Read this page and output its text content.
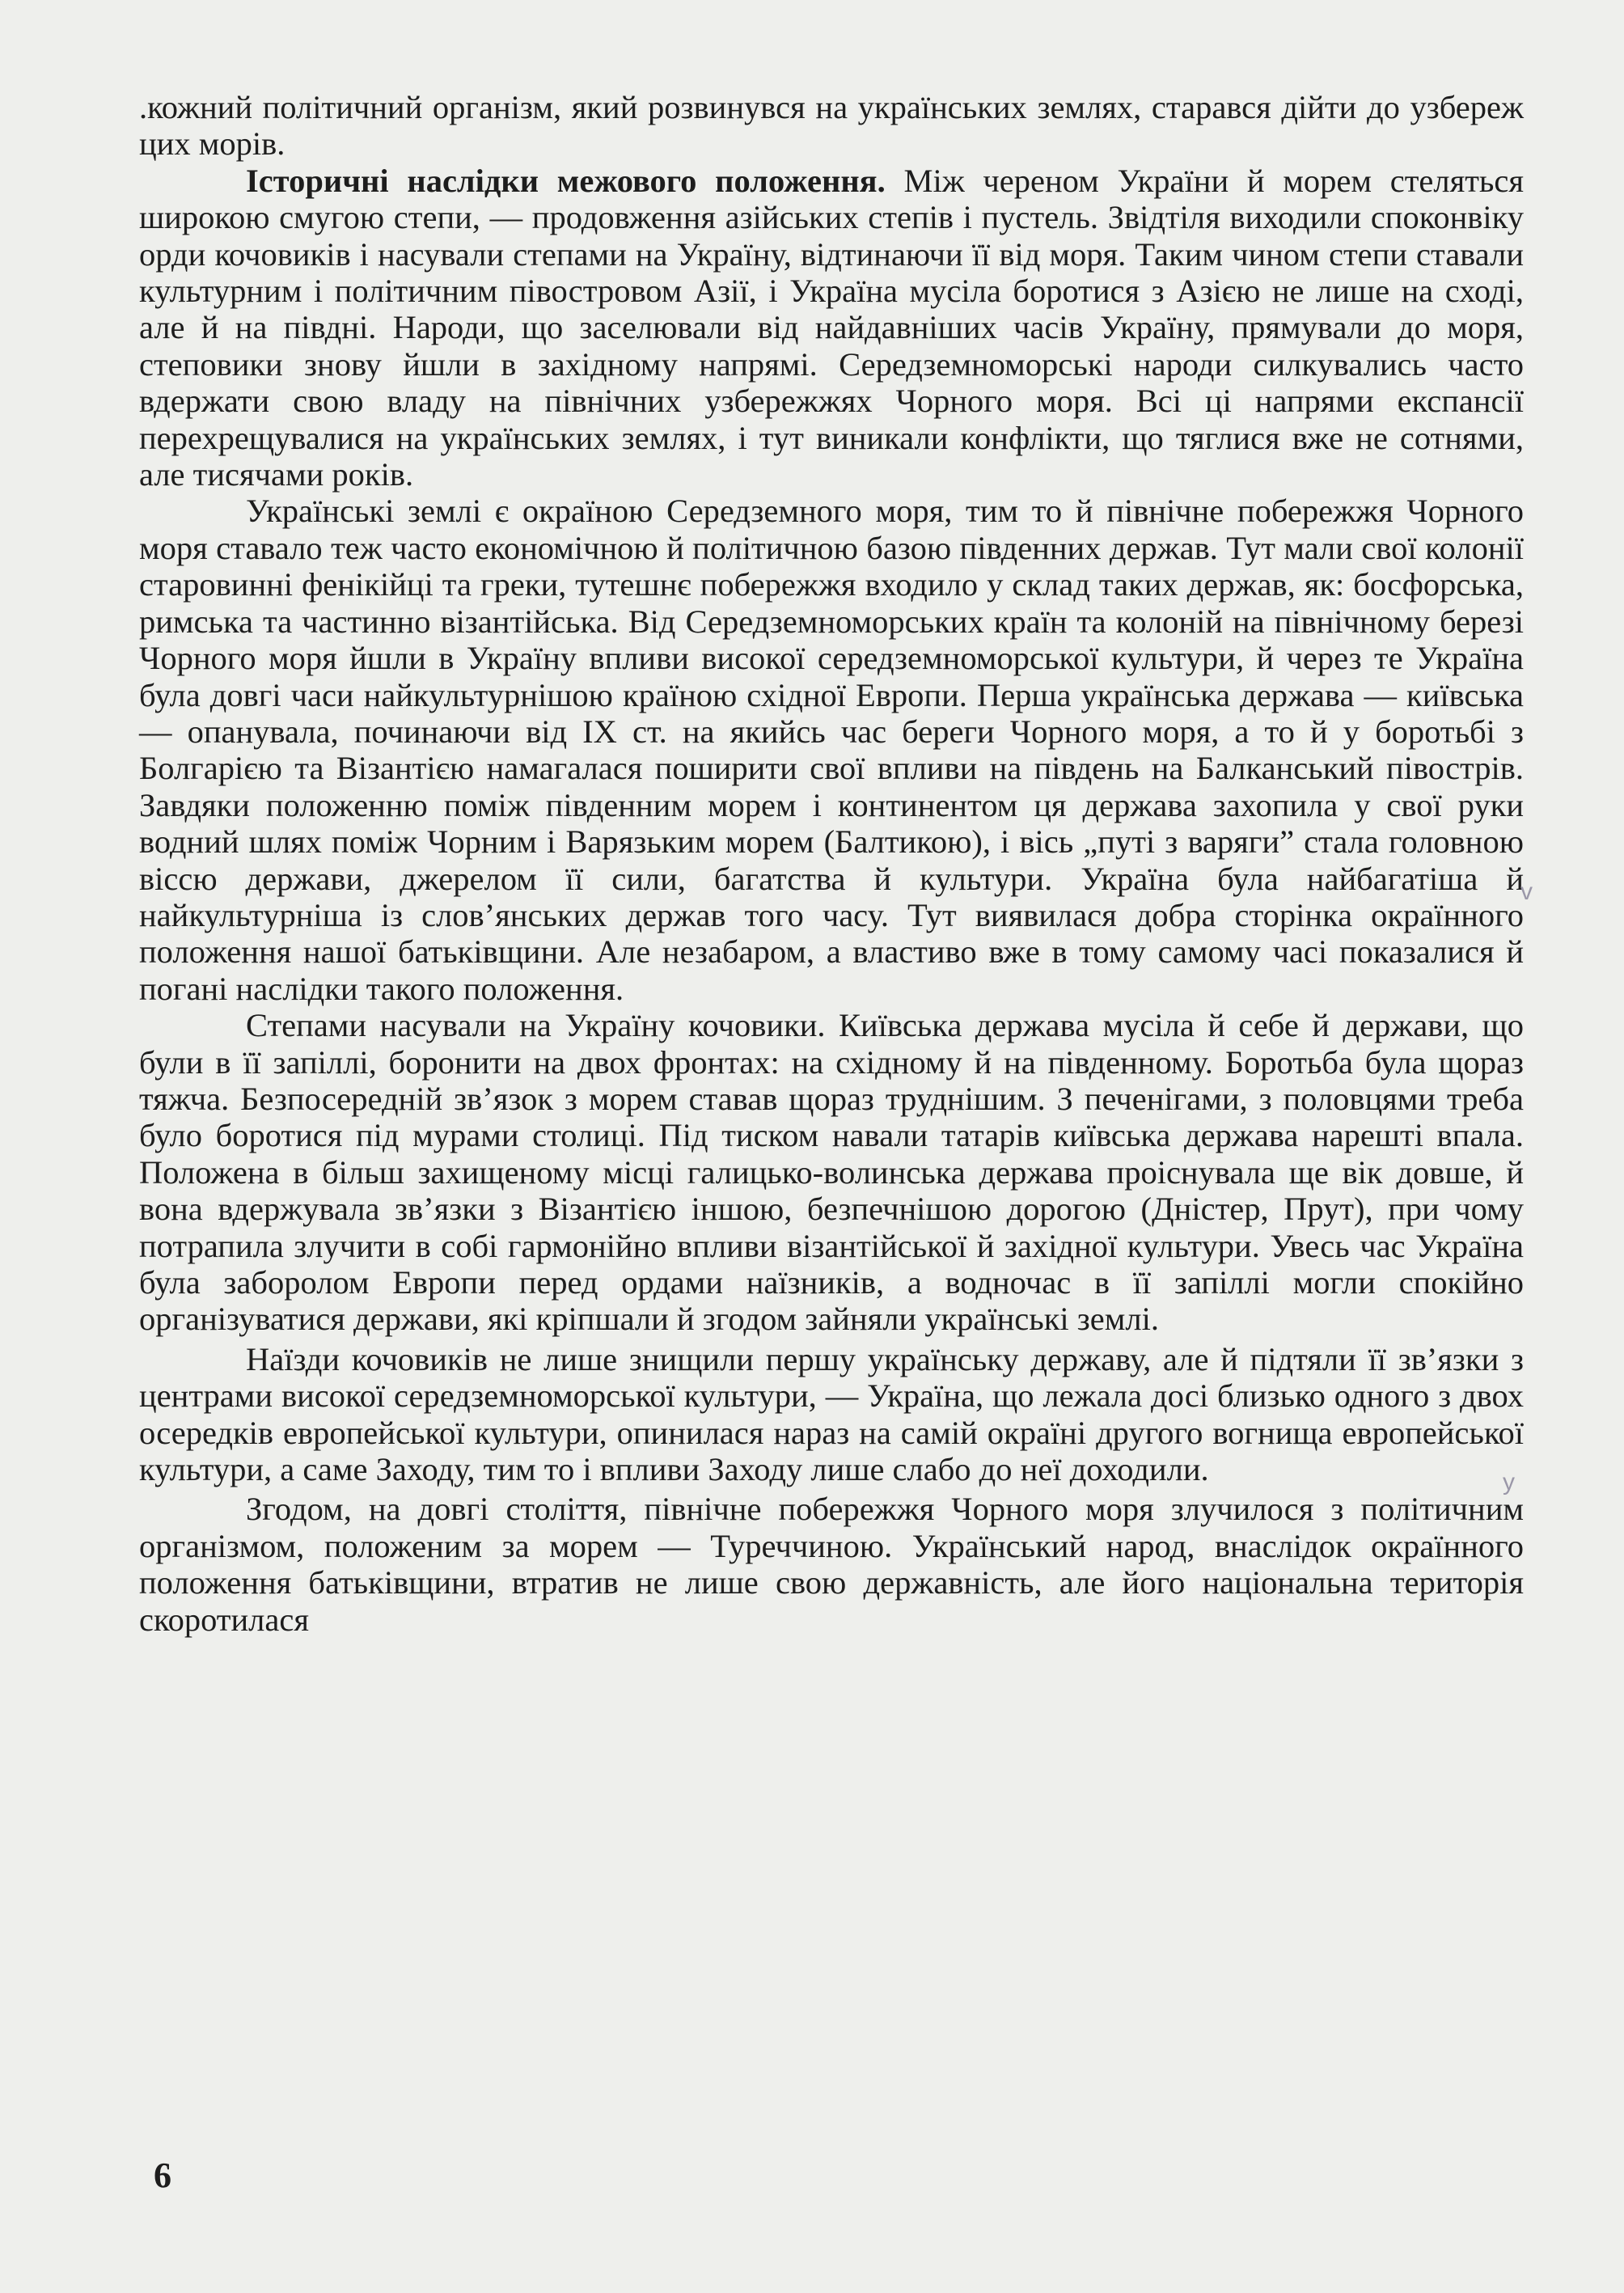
.кожний політичний організм, який розвинувся на українських землях, старався дійти до узбереж цих морів.

Історичні наслідки межового положення. Між череном України й морем стеляться широкою смугою степи, — продовження азійських степів і пустель. Звідтіля виходили споконвіку орди кочовиків і насували степами на Україну, відтинаючи її від моря. Таким чином степи ставали культурним і політичним півостровом Азії, і Україна мусіла боротися з Азією не лише на сході, але й на півдні. Народи, що заселювали від найдавніших часів Україну, прямували до моря, степовики знову йшли в західному напрямі. Середземноморські народи силкувались часто вдержати свою владу на північних узбережжях Чорного моря. Всі ці напрями експансії перехрещувалися на українських землях, і тут виникали конфлікти, що тяглися вже не сотнями, але тисячами років.

Українські землі є окраїною Середземного моря, тим то й північне побережжя Чорного моря ставало теж часто економічною й політичною базою південних держав. Тут мали свої колонії старовинні фенікійці та греки, тутешнє побережжя входило у склад таких держав, як: босфорська, римська та частинно візантійська. Від Середземноморських країн та колоній на північному березі Чорного моря йшли в Україну впливи високої середземноморської культури, й через те Україна була довгі часи найкультурнішою країною східної Европи. Перша українська держава — київська — опанувала, починаючи від IX ст. на якийсь час береги Чорного моря, а то й у боротьбі з Болгарією та Візантією намагалася поширити свої впливи на південь на Балканський півострів. Завдяки положенню поміж південним морем і континентом ця держава захопила у свої руки водний шлях поміж Чорним і Варязьким морем (Балтикою), і вісь „путі з варяги” стала головною віссю держави, джерелом її сили, багатства й культури. Україна була найбагатіша й найкультурніша із слов’янських держав того часу. Тут виявилася добра сторінка окраїнного положення нашої батьківщини. Але незабаром, а властиво вже в тому самому часі показалися й погані наслідки такого положення.

Степами насували на Україну кочовики. Київська держава мусіла й себе й держави, що були в її запіллі, боронити на двох фронтах: на східному й на південному. Боротьба була щораз тяжча. Безпосередній зв’язок з морем ставав щораз труднішим. З печенігами, з половцями треба було боротися під мурами столиці. Під тиском навали татарів київська держава нарешті впала. Положена в більш захищеному місці галицько-волинська держава проіснувала ще вік довше, й вона вдержувала зв’язки з Візантією іншою, безпечнішою дорогою (Дністер, Прут), при чому потрапила злучити в собі гармонійно впливи візантійської й західної культури. Увесь час Україна була заборолом Европи перед ордами наїзників, а водночас в її запіллі могли спокійно організуватися держави, які кріпшали й згодом зайняли українські землі.

Наїзди кочовиків не лише знищили першу українську державу, але й підтяли її зв’язки з центрами високої середземноморської культури, — Україна, що лежала досі близько одного з двох осередків европейської культури, опинилася нараз на самій окраїні другого вогнища европейської культури, а саме Заходу, тим то і впливи Заходу лише слабо до неї доходили.

Згодом, на довгі століття, північне побережжя Чорного моря злучилося з політичним організмом, положеним за морем — Туреччиною. Український народ, внаслідок окраїнного положення батьківщини, втратив не лише свою державність, але його національна територія скоротилася

v
y
6
